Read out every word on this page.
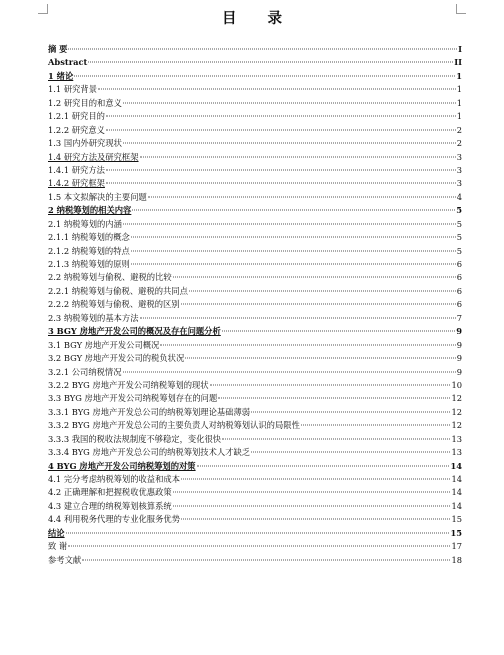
目 录
摘 要	I
Abstract	II
1 绪论	1
1.1 研究背景	1
1.2 研究目的和意义	1
1.2.1 研究目的	1
1.2.2 研究意义	2
1.3 国内外研究现状	2
1.4 研究方法及研究框架	3
1.4.1 研究方法	3
1.4.2 研究框架	3
1.5 本文拟解决的主要问题	4
2 纳税筹划的相关内容	5
2.1 纳税筹划的内涵	5
2.1.1 纳税筹划的概念	5
2.1.2 纳税筹划的特点	5
2.1.3 纳税筹划的原则	6
2.2 纳税筹划与偷税、避税的比较	6
2.2.1 纳税筹划与偷税、避税的共同点	6
2.2.2 纳税筹划与偷税、避税的区别	6
2.3 纳税筹划的基本方法	7
3 BGY 房地产开发公司的概况及存在问题分析	9
3.1 BGY 房地产开发公司概况	9
3.2 BGY 房地产开发公司的税负状况	9
3.2.1 公司纳税情况	9
3.2.2 BYG 房地产开发公司纳税筹划的现状	10
3.3 BYG 房地产开发公司纳税筹划存在的问题	12
3.3.1 BYG 房地产开发总公司的纳税筹划理论基础薄弱	12
3.3.2 BYG 房地产开发总公司的主要负责人对纳税筹划认识的局限性	12
3.3.3 我国的税收法规制度不够稳定，变化很快	13
3.3.4 BYG 房地产开发总公司的纳税筹划技术人才缺乏	13
4 BYG 房地产开发公司纳税筹划的对策	14
4.1 完分考虑纳税筹划的收益和成本	14
4.2 正确理解和把握税收优惠政策	14
4.3 建立合理的纳税筹划核算系统	14
4.4 利用税务代理的专业化服务优势	15
结论	15
致 谢	17
参考文献	18
